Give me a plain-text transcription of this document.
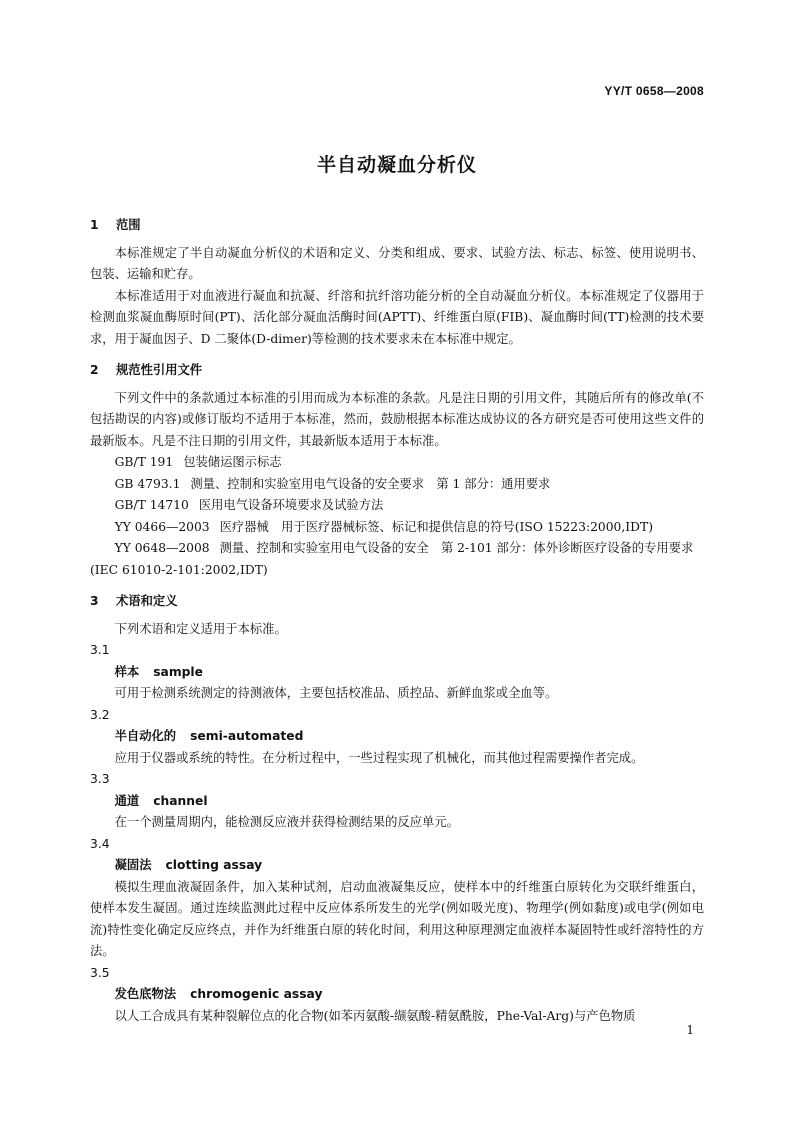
YY/T 0658—2008
半自动凝血分析仪

1 范围

本标准规定了半自动凝血分析仪的术语和定义、分类和组成、要求、试验方法、标志、标签、使用说明书、包装、运输和贮存。

本标准适用于对血液进行凝血和抗凝、纤溶和抗纤溶功能分析的全自动凝血分析仪。本标准规定了仪器用于检测血浆凝血酶原时间(PT)、活化部分凝血活酶时间(APTT)、纤维蛋白原(FIB)、凝血酶时间(TT)检测的技术要求，用于凝血因子、D 二聚体(D-dimer)等检测的技术要求未在本标准中规定。

2 规范性引用文件

下列文件中的条款通过本标准的引用而成为本标准的条款。凡是注日期的引用文件，其随后所有的修改单(不包括勘误的内容)或修订版均不适用于本标准，然而，鼓励根据本标准达成协议的各方研究是否可使用这些文件的最新版本。凡是不注日期的引用文件，其最新版本适用于本标准。

GB/T 191 包装储运图示标志

GB 4793.1 测量、控制和实验室用电气设备的安全要求　第 1 部分：通用要求

GB/T 14710 医用电气设备环境要求及试验方法

YY 0466—2003 医疗器械　用于医疗器械标签、标记和提供信息的符号(ISO 15223:2000,IDT)

YY 0648—2008 测量、控制和实验室用电气设备的安全　第 2-101 部分：体外诊断医疗设备的专用要求(IEC 61010-2-101:2002,IDT)

3 术语和定义

下列术语和定义适用于本标准。

3.1

样本 sample

可用于检测系统测定的待测液体，主要包括校准品、质控品、新鲜血浆或全血等。

3.2

半自动化的 semi-automated

应用于仪器或系统的特性。在分析过程中，一些过程实现了机械化，而其他过程需要操作者完成。

3.3

通道 channel

在一个测量周期内，能检测反应液并获得检测结果的反应单元。

3.4

凝固法 clotting assay

模拟生理血液凝固条件，加入某种试剂，启动血液凝集反应，使样本中的纤维蛋白原转化为交联纤维蛋白，使样本发生凝固。通过连续监测此过程中反应体系所发生的光学(例如吸光度)、物理学(例如黏度)或电学(例如电流)特性变化确定反应终点，并作为纤维蛋白原的转化时间，利用这种原理测定血液样本凝固特性或纤溶特性的方法。

3.5

发色底物法 chromogenic assay

以人工合成具有某种裂解位点的化合物(如苯丙氨酸-缬氨酸-精氨酰胺，Phe-Val-Arg)与产色物质

1
